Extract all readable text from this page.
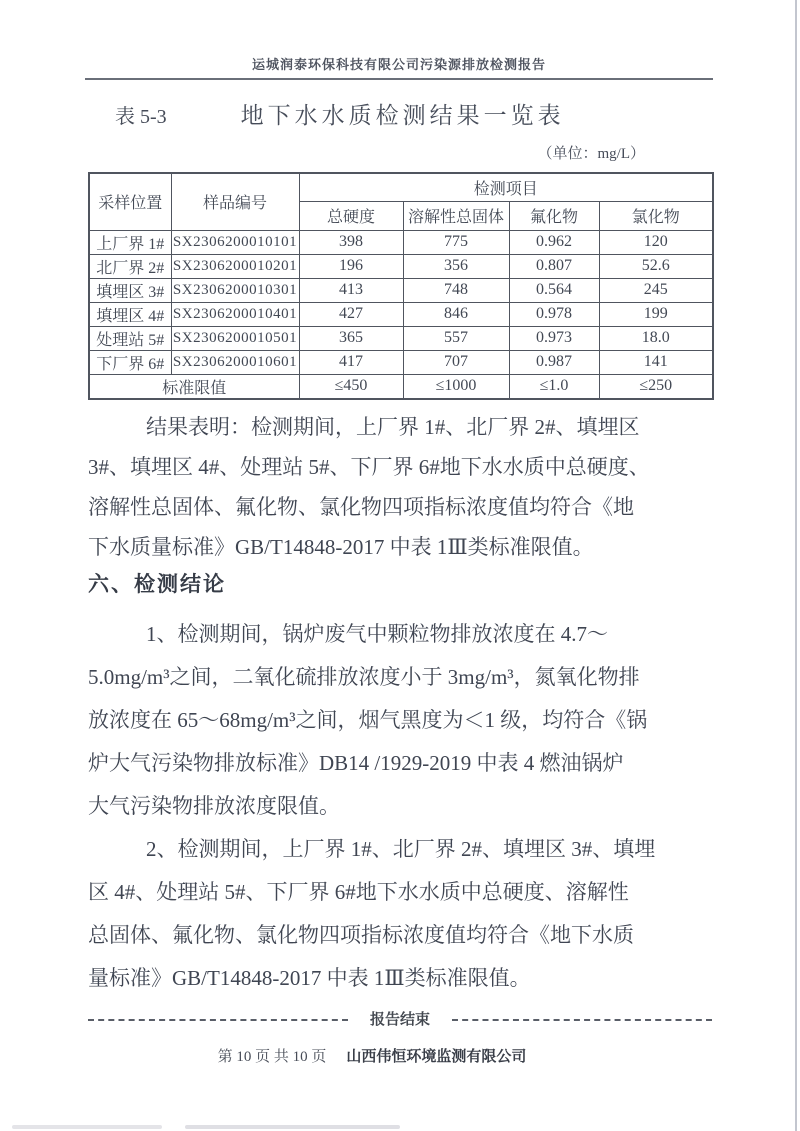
运城润泰环保科技有限公司污染源排放检测报告
表 5-3	地下水水质检测结果一览表
（单位：mg/L）
采样位置	样品编号	检测项目			
		总硬度	溶解性总固体	氟化物	氯化物
上厂界 1#	SX2306200010101	398	775	0.962	120
北厂界 2#	SX2306200010201	196	356	0.807	52.6
填埋区 3#	SX2306200010301	413	748	0.564	245
填埋区 4#	SX2306200010401	427	846	0.978	199
处理站 5#	SX2306200010501	365	557	0.973	18.0
下厂界 6#	SX2306200010601	417	707	0.987	141
标准限值		≤450	≤1000	≤1.0	≤250
结果表明：检测期间，上厂界 1#、北厂界 2#、填埋区
3#、填埋区 4#、处理站 5#、下厂界 6#地下水水质中总硬度、
溶解性总固体、氟化物、氯化物四项指标浓度值均符合《地
下水质量标准》GB/T14848-2017 中表 1Ⅲ类标准限值。
六、检测结论
1、检测期间，锅炉废气中颗粒物排放浓度在 4.7～
5.0mg/m³之间，二氧化硫排放浓度小于 3mg/m³，氮氧化物排
放浓度在 65～68mg/m³之间，烟气黑度为＜1 级，均符合《锅
炉大气污染物排放标准》DB14 /1929-2019 中表 4 燃油锅炉
大气污染物排放浓度限值。
2、检测期间，上厂界 1#、北厂界 2#、填埋区 3#、填埋
区 4#、处理站 5#、下厂界 6#地下水水质中总硬度、溶解性
总固体、氟化物、氯化物四项指标浓度值均符合《地下水质
量标准》GB/T14848-2017 中表 1Ⅲ类标准限值。
报告结束
第 10 页 共 10 页 山西伟恒环境监测有限公司
